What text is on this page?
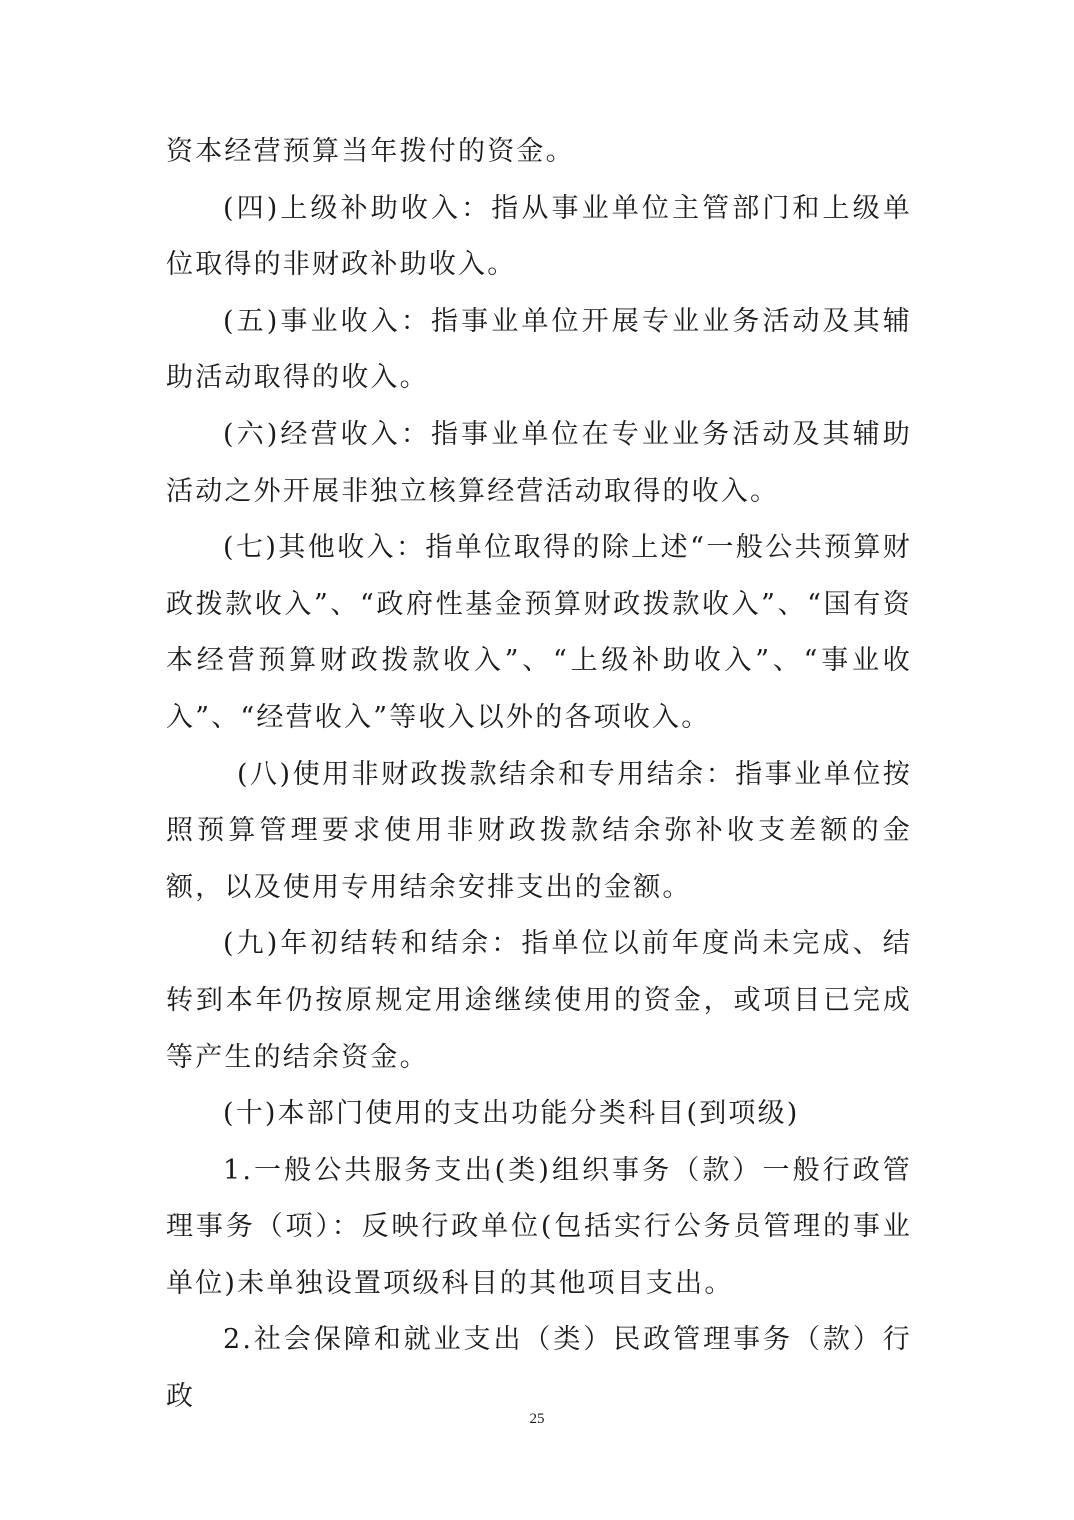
资本经营预算当年拨付的资金。

(四)上级补助收入：指从事业单位主管部门和上级单位取得的非财政补助收入。

(五)事业收入：指事业单位开展专业业务活动及其辅助活动取得的收入。

(六)经营收入：指事业单位在专业业务活动及其辅助活动之外开展非独立核算经营活动取得的收入。

(七)其他收入：指单位取得的除上述“一般公共预算财政拨款收入”、“政府性基金预算财政拨款收入”、“国有资本经营预算财政拨款收入”、“上级补助收入”、“事业收入”、“经营收入”等收入以外的各项收入。

(八)使用非财政拨款结余和专用结余：指事业单位按照预算管理要求使用非财政拨款结余弥补收支差额的金额，以及使用专用结余安排支出的金额。

(九)年初结转和结余：指单位以前年度尚未完成、结转到本年仍按原规定用途继续使用的资金，或项目已完成等产生的结余资金。

(十)本部门使用的支出功能分类科目(到项级)

1.一般公共服务支出(类)组织事务（款）一般行政管理事务（项）：反映行政单位(包括实行公务员管理的事业单位)未单独设置项级科目的其他项目支出。

2.社会保障和就业支出（类）民政管理事务（款）行政

25
